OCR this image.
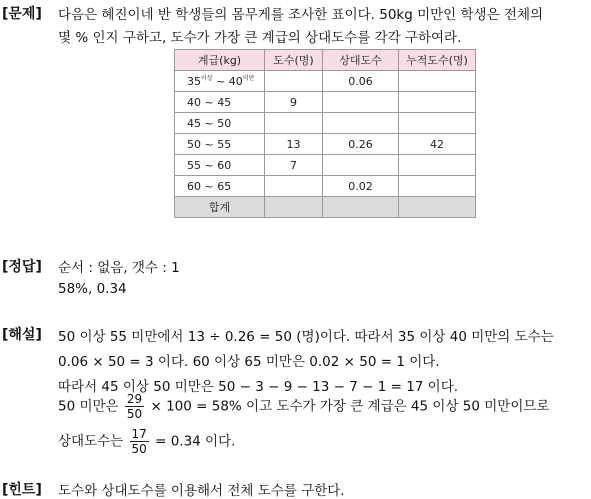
[문제] 다음은 혜진이네 반 학생들의 몸무게를 조사한 표이다. 50kg 미만인 학생은 전체의
몇 % 인지 구하고, 도수가 가장 큰 계급의 상대도수를 각각 구하여라.
계급(kg)	도수(명)	상대도수	누적도수(명)
$35^{이상}$ ~ $40^{미만}$		0.06	
40 ~ 45	9		
45 ~ 50			
50 ~ 55	13	0.26	42
55 ~ 60	7		
60 ~ 65		0.02	
합계			
[정답] 순서 : 없음, 갯수 : 1
58%, 0.34
[해설] 50 이상 55 미만에서 13 ÷ 0.26 = 50 (명)이다. 따라서 35 이상 40 미만의 도수는
0.06 × 50 = 3 이다. 60 이상 65 미만은 0.02 × 50 = 1 이다.
따라서 45 이상 50 미만은 50 − 3 − 9 − 13 − 7 − 1 = 17 이다.
50 미만은 $\frac{29}{50} \times 100 = 58\%$ 이고 도수가 가장 큰 계급은 45 이상 50 미만이므로
상대도수는 $\frac{17}{50} = 0.34$ 이다.
[힌트] 도수와 상대도수를 이용해서 전체 도수를 구한다.
